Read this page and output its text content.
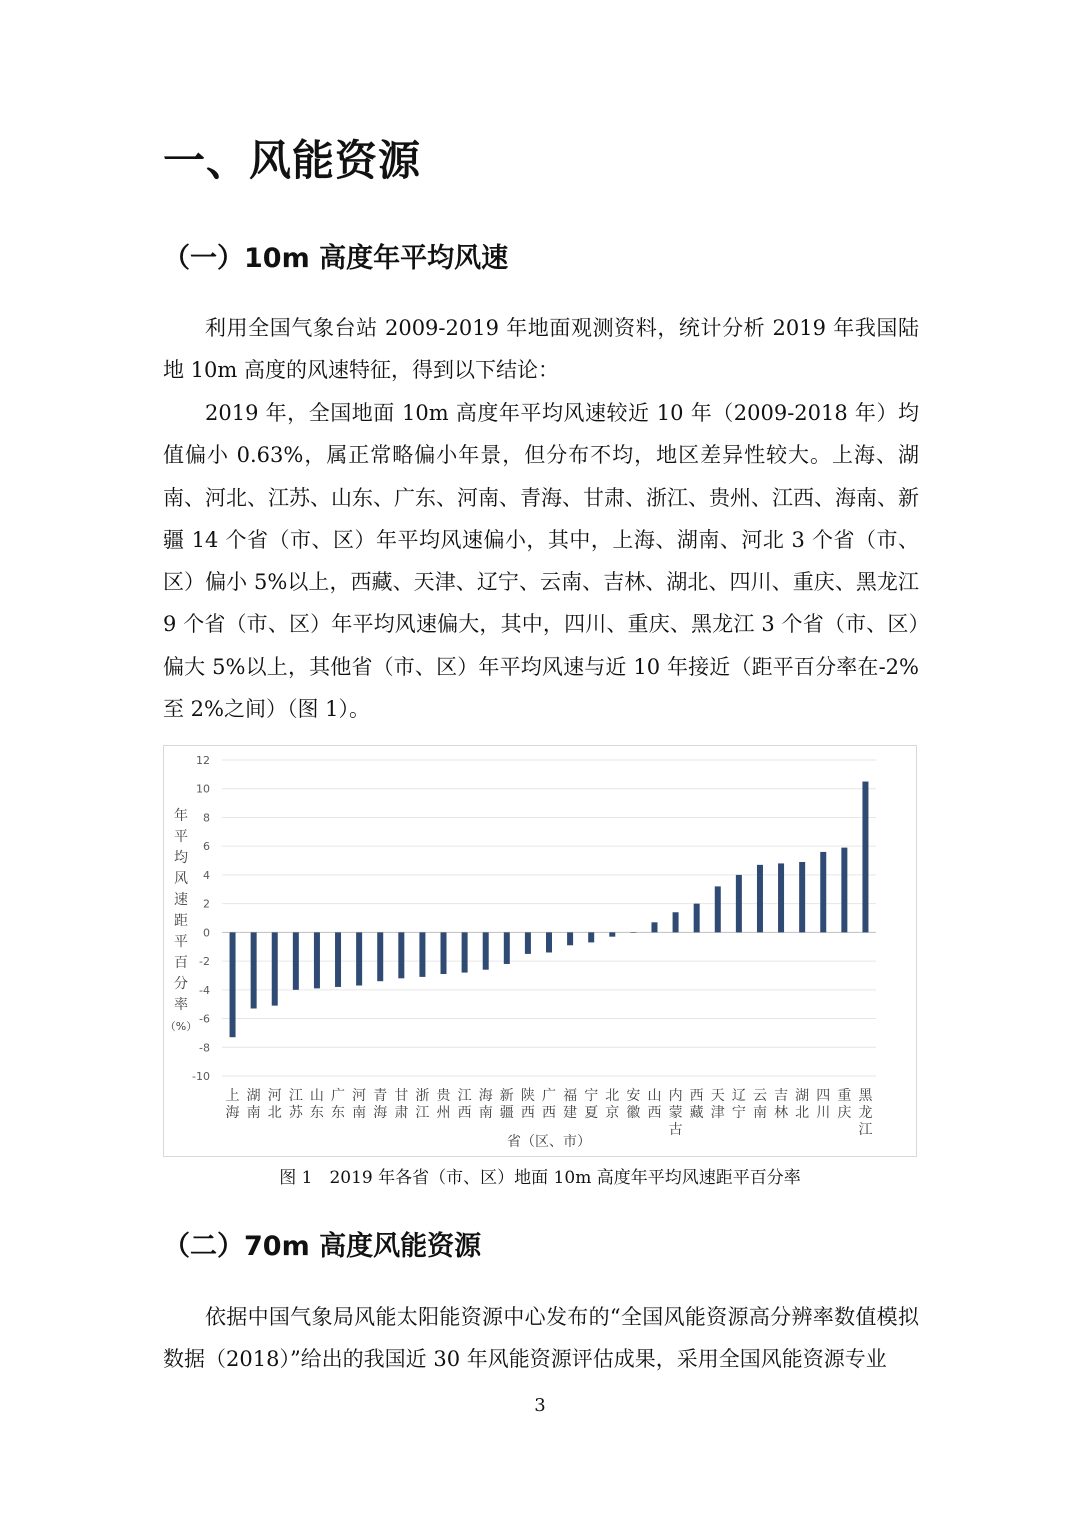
一、风能资源
（一）10m 高度年平均风速

利用全国气象台站 2009-2019 年地面观测资料，统计分析 2019 年我国陆地 10m 高度的风速特征，得到以下结论：

2019 年，全国地面 10m 高度年平均风速较近 10 年（2009-2018 年）均值偏小 0.63%，属正常略偏小年景，但分布不均，地区差异性较大。上海、湖南、河北、江苏、山东、广东、河南、青海、甘肃、浙江、贵州、江西、海南、新疆 14 个省（市、区）年平均风速偏小，其中，上海、湖南、河北 3 个省（市、区）偏小 5%以上，西藏、天津、辽宁、云南、吉林、湖北、四川、重庆、黑龙江 9 个省（市、区）年平均风速偏大，其中，四川、重庆、黑龙江 3 个省（市、区）偏大 5%以上，其他省（市、区）年平均风速与近 10 年接近（距平百分率在-2%至 2%之间）（图 1）。

12
10
8
6
4
2
0
-2
-4
-6
-8
-10
年
平
均
风
速
距
平
百
分
率
（%）
上海
湖南
河北
江苏
山东
广东
河南
青海
甘肃
浙江
贵州
江西
海南
新疆
陕西
广西
福建
宁夏
北京
安徽
山西
内蒙古
西藏
天津
辽宁
云南
吉林
湖北
四川
重庆
黑龙江
省（区、市）

图 1　2019 年各省（市、区）地面 10m 高度年平均风速距平百分率

（二）70m 高度风能资源

依据中国气象局风能太阳能资源中心发布的“全国风能资源高分辨率数值模拟数据（2018）”给出的我国近 30 年风能资源评估成果，采用全国风能资源专业

3
